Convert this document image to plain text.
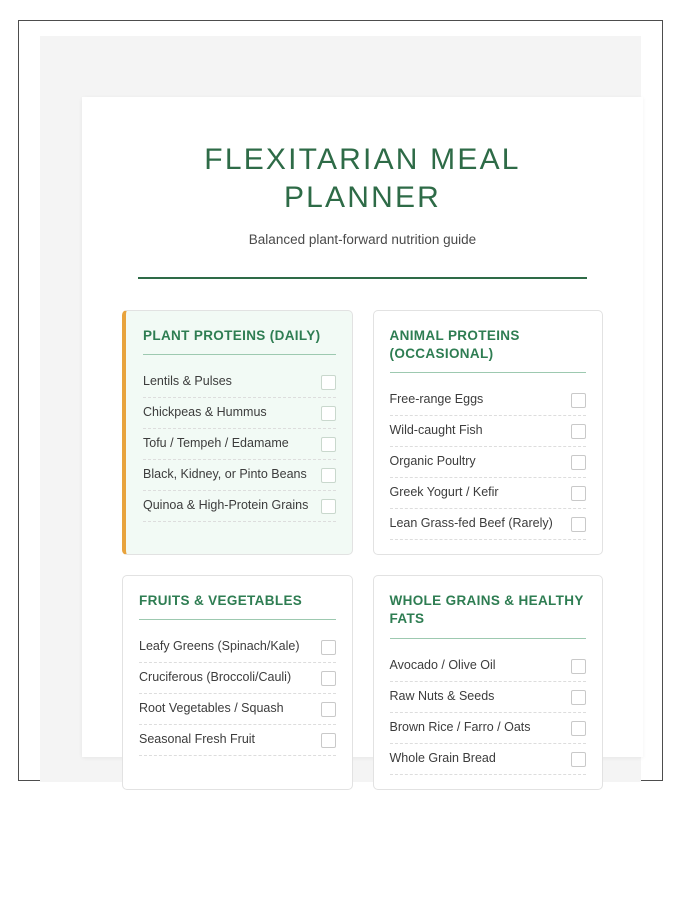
FLEXITARIAN MEAL PLANNER

Balanced plant-forward nutrition guide

PLANT PROTEINS (DAILY)
Lentils & Pulses
Chickpeas & Hummus
Tofu / Tempeh / Edamame
Black, Kidney, or Pinto Beans
Quinoa & High-Protein Grains
ANIMAL PROTEINS (OCCASIONAL)
Free-range Eggs
Wild-caught Fish
Organic Poultry
Greek Yogurt / Kefir
Lean Grass-fed Beef (Rarely)
FRUITS & VEGETABLES
Leafy Greens (Spinach/Kale)
Cruciferous (Broccoli/Cauli)
Root Vegetables / Squash
Seasonal Fresh Fruit
WHOLE GRAINS & HEALTHY FATS
Avocado / Olive Oil
Raw Nuts & Seeds
Brown Rice / Farro / Oats
Whole Grain Bread
